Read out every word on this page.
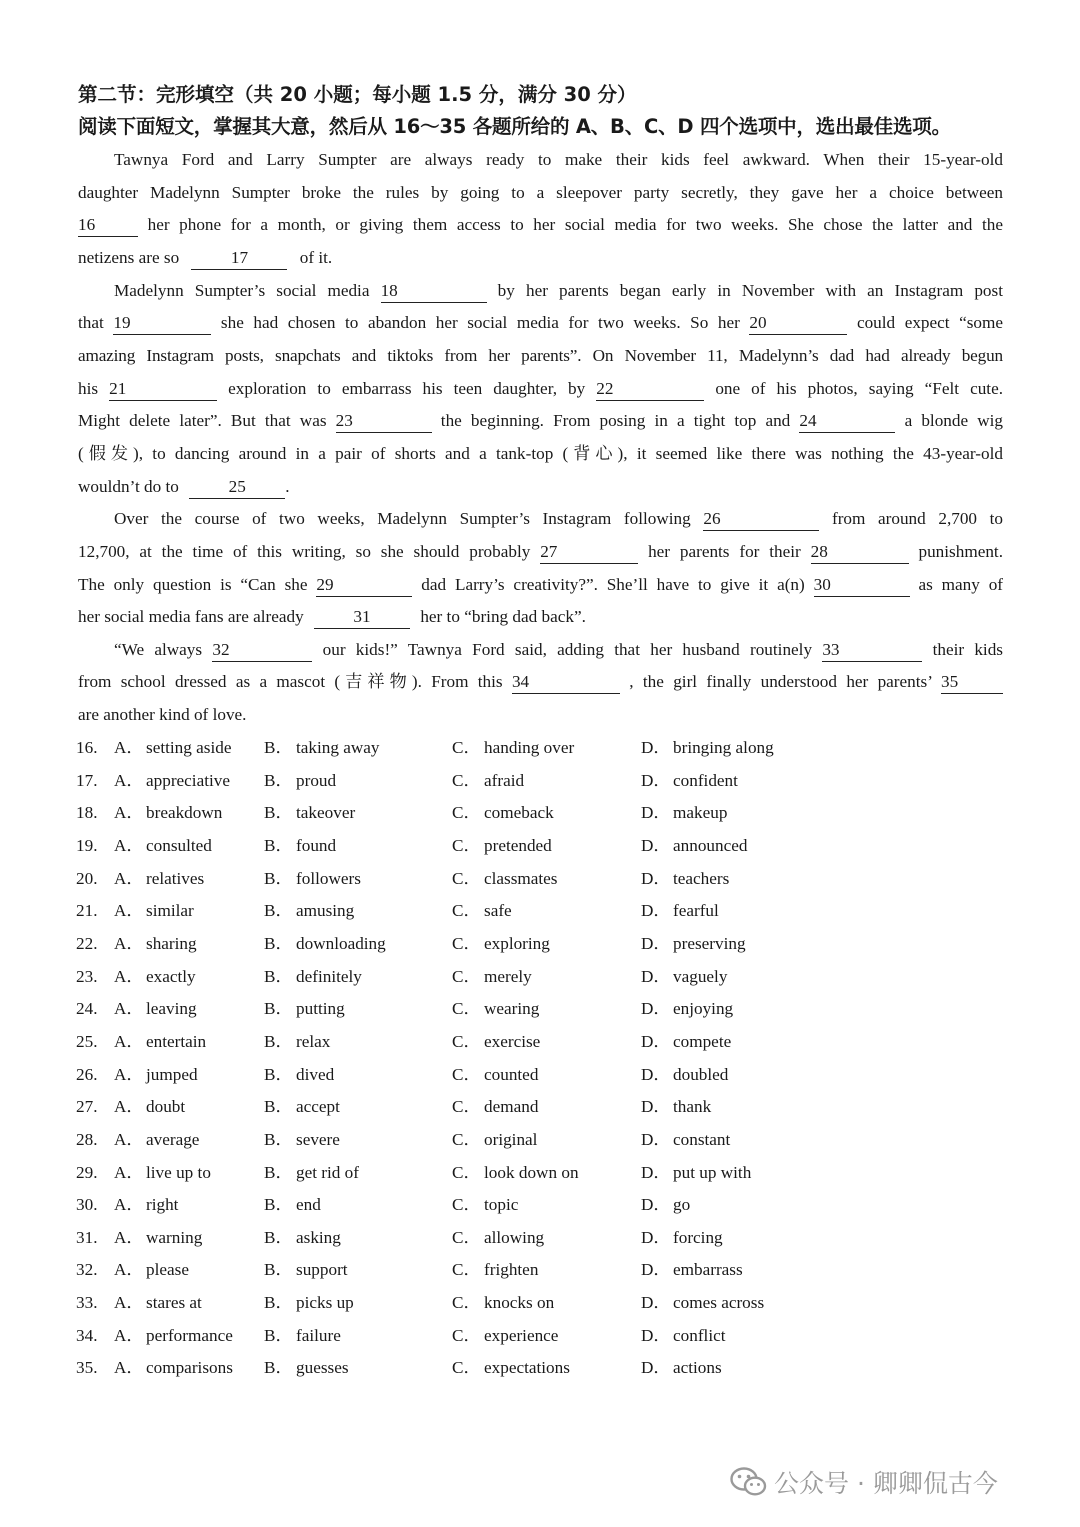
第二节：完形填空（共 20 小题；每小题 1.5 分，满分 30 分）
阅读下面短文，掌握其大意，然后从 16～35 各题所给的 A、B、C、D 四个选项中，选出最佳选项。
Tawnya Ford and Larry Sumpter are always ready to make their kids feel awkward. When their 15-year-old
daughter Madelynn Sumpter broke the rules by going to a sleepover party secretly, they gave her a choice between
16	her phone for a month, or giving them access to her social media for two weeks. She chose the latter and the
netizens are so	17	of it.
Madelynn Sumpter’s social media 18	by her parents began early in November with an Instagram post
that 19	she had chosen to abandon her social media for two weeks. So her 20	could expect “some
amazing Instagram posts, snapchats and tiktoks from her parents”. On November 11, Madelynn’s dad had already begun
his 21	exploration to embarrass his teen daughter, by 22	one of his photos, saying “Felt cute.
Might delete later”. But that was 23	the beginning. From posing in a tight top and 24	a blonde wig
(假发), to dancing around in a pair of shorts and a tank-top (背心), it seemed like there was nothing the 43-year-old
wouldn’t do to	25 .
Over the course of two weeks, Madelynn Sumpter’s Instagram following 26	from around 2,700 to
12,700, at the time of this writing, so she should probably 27	her parents for their 28	punishment.
The only question is “Can she 29	dad Larry’s creativity?”. She’ll have to give it a(n) 30	as many of
her social media fans are already	31	her to “bring dad back”.
“We always 32	our kids!” Tawnya Ford said, adding that her husband routinely 33	their kids
from school dressed as a mascot (吉祥物). From this 34	, the girl finally understood her parents’ 35
are another kind of love.
16. A． setting aside B． taking away	C． handing over	D． bringing along
17. A． appreciative B． proud	C． afraid	D． confident
18. A． breakdown B． takeover	C． comeback	D． makeup
19. A． consulted	B． found	C． pretended	D． announced
20. A． relatives	B． followers	C． classmates	D． teachers
21. A． similar	B． amusing	C． safe	D． fearful
22. A． sharing	B． downloading	C． exploring	D． preserving
23. A． exactly	B． definitely	C． merely	D． vaguely
24. A． leaving	B． putting	C． wearing	D． enjoying
25. A． entertain	B． relax	C． exercise	D． compete
26. A． jumped	B． dived	C． counted	D． doubled
27. A． doubt	B． accept	C． demand	D． thank
28. A． average	B． severe	C． original	D． constant
29. A． live up to	B． get rid of	C． look down on	D． put up with
30. A． right	B． end	C． topic	D． go
31. A． warning	B． asking	C． allowing	D． forcing
32. A． please	B． support	C． frighten	D． embarrass
33. A． stares at	B． picks up	C． knocks on	D． comes across
34. A． performance B． failure	C． experience	D． conflict
35. A． comparisons B． guesses	C． expectations	D． actions
公众号 · 卿卿侃古今
